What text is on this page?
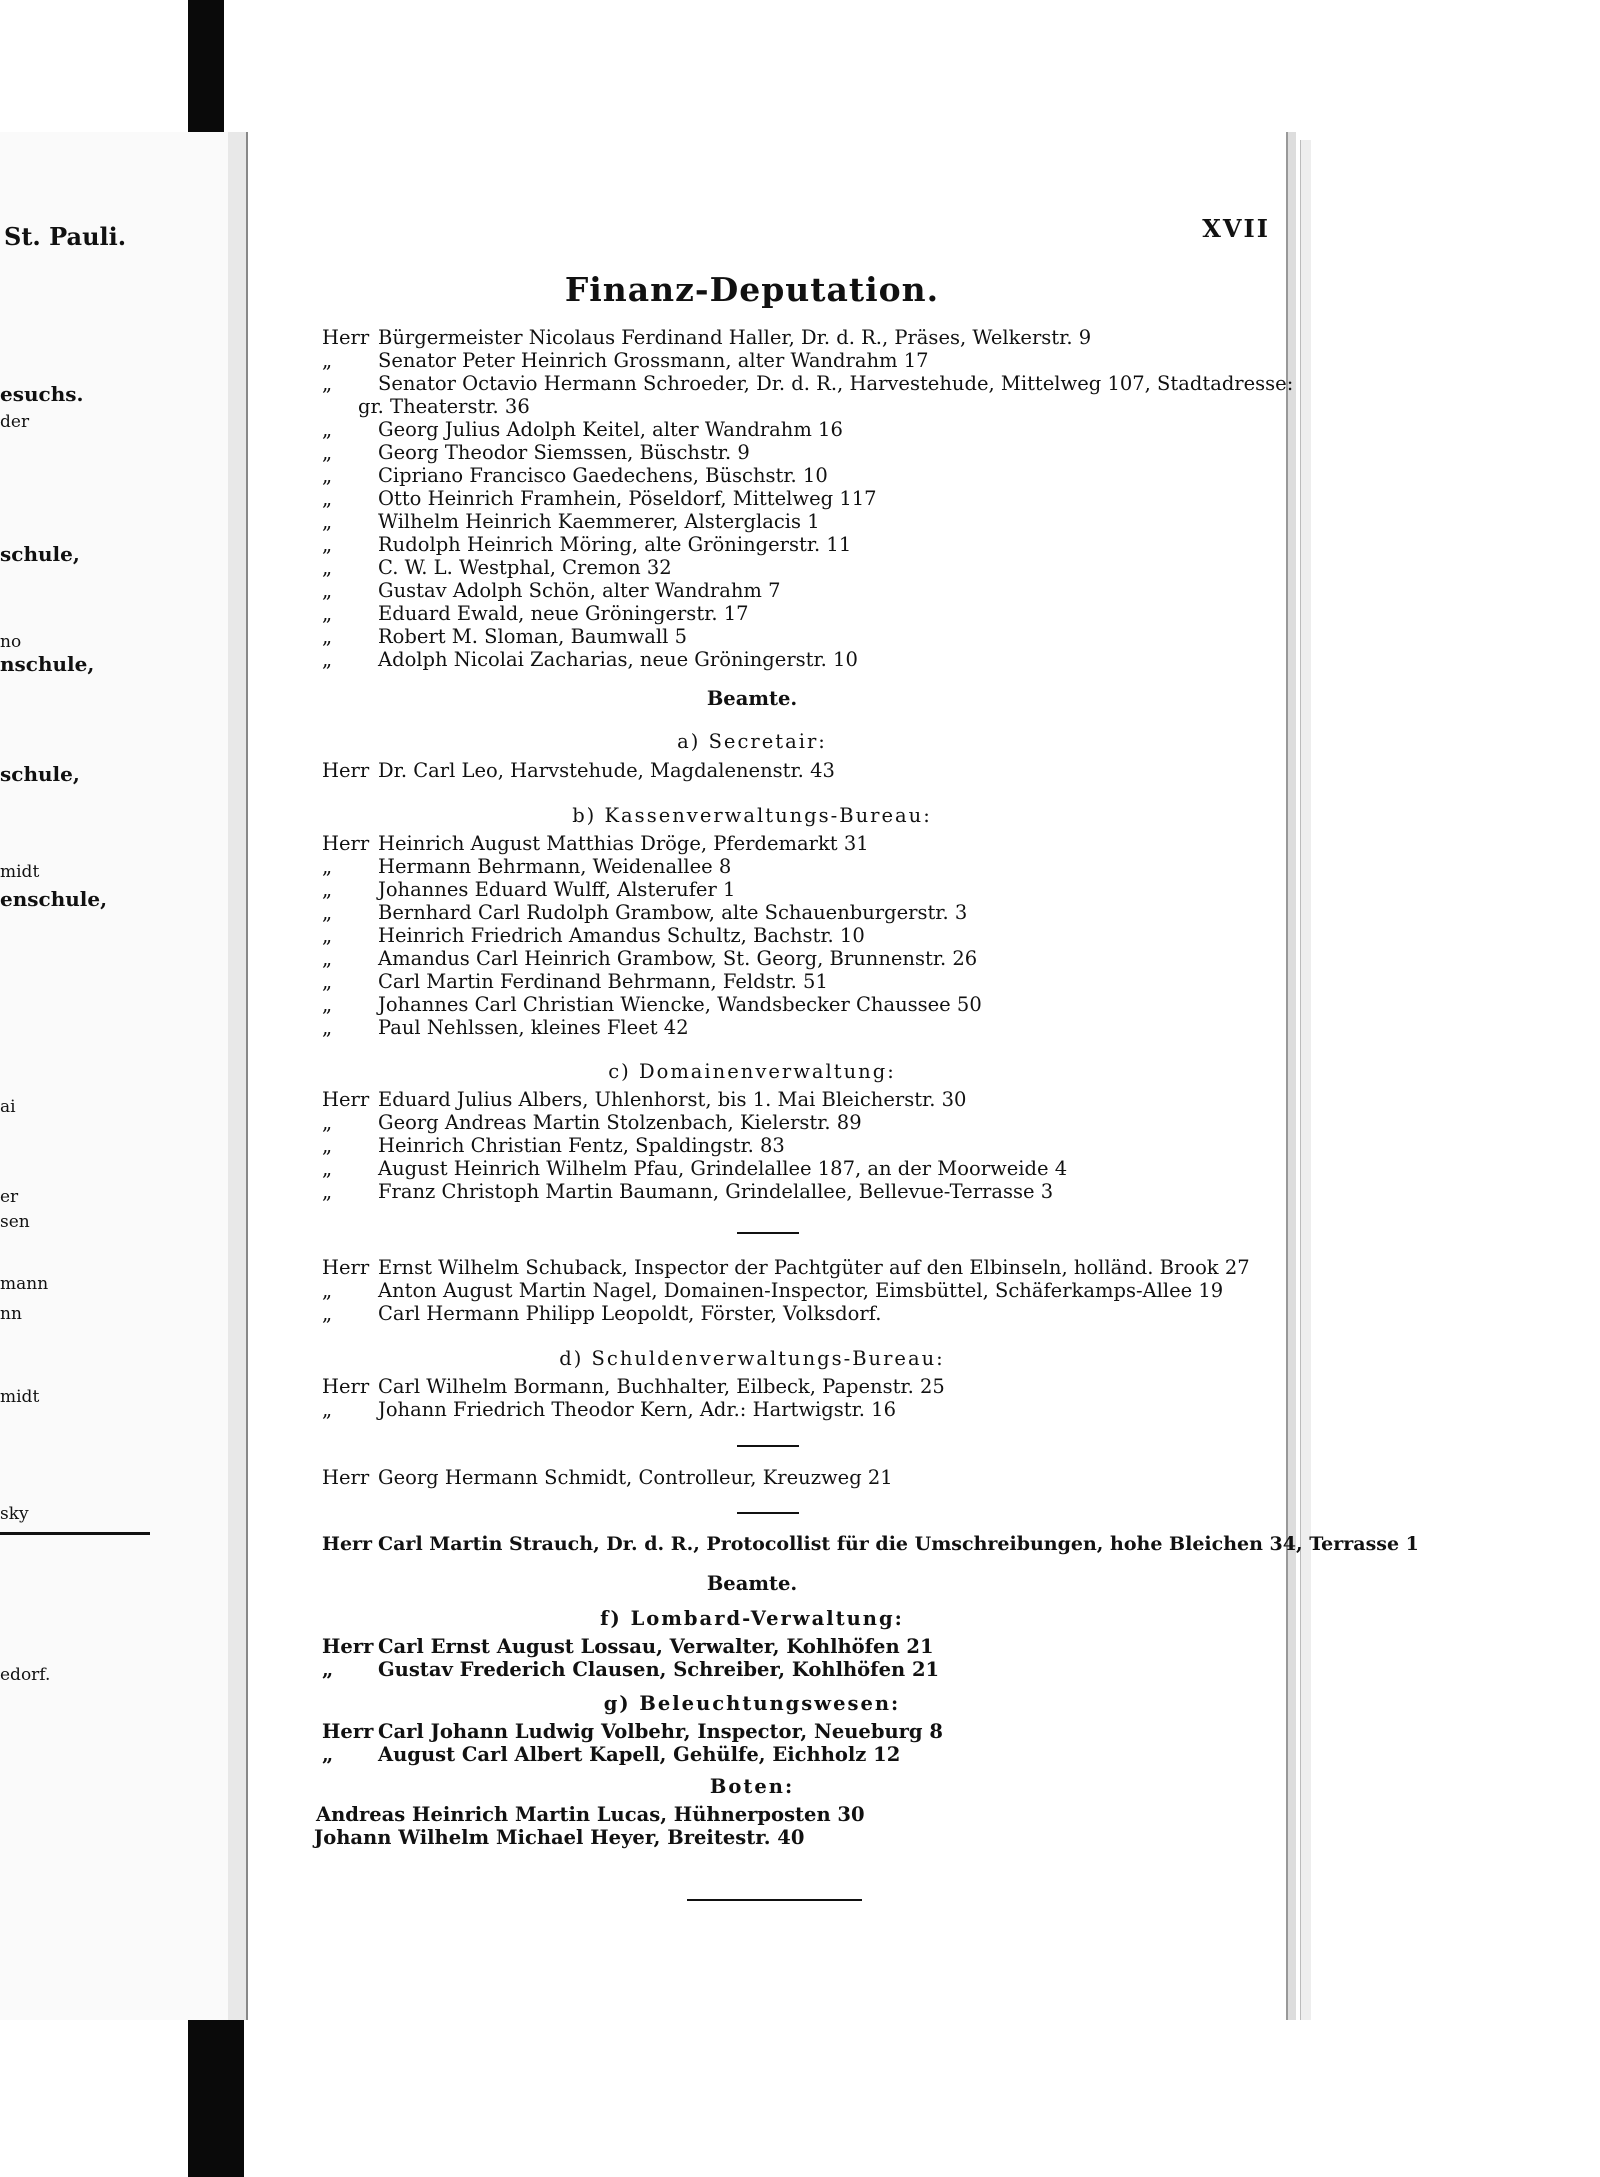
St. Pauli.
esuchs.
der
schule,
no
nschule,
schule,
midt
enschule,
ai
er
sen
mann
nn
midt
sky
edorf.
XVII
Finanz-Deputation.
Herr Bürgermeister Nicolaus Ferdinand Haller, Dr. d. R., Präses, Welkerstr. 9
„ Senator Peter Heinrich Grossmann, alter Wandrahm 17
„ Senator Octavio Hermann Schroeder, Dr. d. R., Harvestehude, Mittelweg 107, Stadtadresse:
gr. Theaterstr. 36
„ Georg Julius Adolph Keitel, alter Wandrahm 16
„ Georg Theodor Siemssen, Büschstr. 9
„ Cipriano Francisco Gaedechens, Büschstr. 10
„ Otto Heinrich Framhein, Pöseldorf, Mittelweg 117
„ Wilhelm Heinrich Kaemmerer, Alsterglacis 1
„ Rudolph Heinrich Möring, alte Gröningerstr. 11
„ C. W. L. Westphal, Cremon 32
„ Gustav Adolph Schön, alter Wandrahm 7
„ Eduard Ewald, neue Gröningerstr. 17
„ Robert M. Sloman, Baumwall 5
„ Adolph Nicolai Zacharias, neue Gröningerstr. 10
Beamte.
a) Secretair:
Herr Dr. Carl Leo, Harvstehude, Magdalenenstr. 43
b) Kassenverwaltungs-Bureau:
Herr Heinrich August Matthias Dröge, Pferdemarkt 31
„ Hermann Behrmann, Weidenallee 8
„ Johannes Eduard Wulff, Alsterufer 1
„ Bernhard Carl Rudolph Grambow, alte Schauenburgerstr. 3
„ Heinrich Friedrich Amandus Schultz, Bachstr. 10
„ Amandus Carl Heinrich Grambow, St. Georg, Brunnenstr. 26
„ Carl Martin Ferdinand Behrmann, Feldstr. 51
„ Johannes Carl Christian Wiencke, Wandsbecker Chaussee 50
„ Paul Nehlssen, kleines Fleet 42
c) Domainenverwaltung:
Herr Eduard Julius Albers, Uhlenhorst, bis 1. Mai Bleicherstr. 30
„ Georg Andreas Martin Stolzenbach, Kielerstr. 89
„ Heinrich Christian Fentz, Spaldingstr. 83
„ August Heinrich Wilhelm Pfau, Grindelallee 187, an der Moorweide 4
„ Franz Christoph Martin Baumann, Grindelallee, Bellevue-Terrasse 3
Herr Ernst Wilhelm Schuback, Inspector der Pachtgüter auf den Elbinseln, holländ. Brook 27
„ Anton August Martin Nagel, Domainen-Inspector, Eimsbüttel, Schäferkamps-Allee 19
„ Carl Hermann Philipp Leopoldt, Förster, Volksdorf.
d) Schuldenverwaltungs-Bureau:
Herr Carl Wilhelm Bormann, Buchhalter, Eilbeck, Papenstr. 25
„ Johann Friedrich Theodor Kern, Adr.: Hartwigstr. 16
Herr Georg Hermann Schmidt, Controlleur, Kreuzweg 21
Herr Carl Martin Strauch, Dr. d. R., Protocollist für die Umschreibungen, hohe Bleichen 34, Terrasse 1
Beamte.
f) Lombard-Verwaltung:
Herr Carl Ernst August Lossau, Verwalter, Kohlhöfen 21
„ Gustav Frederich Clausen, Schreiber, Kohlhöfen 21
g) Beleuchtungswesen:
Herr Carl Johann Ludwig Volbehr, Inspector, Neueburg 8
„ August Carl Albert Kapell, Gehülfe, Eichholz 12
Boten:
Andreas Heinrich Martin Lucas, Hühnerposten 30
Johann Wilhelm Michael Heyer, Breitestr. 40
